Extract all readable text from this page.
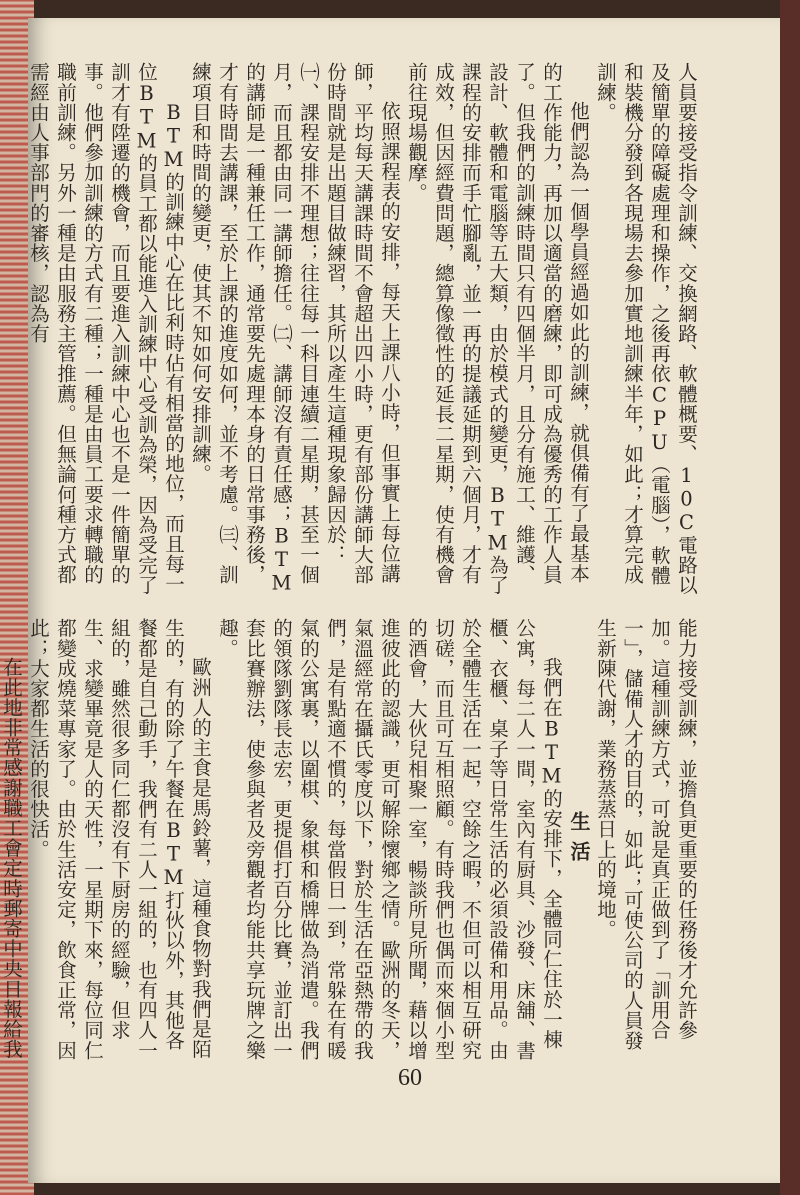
人員要接受指令訓練、交換網路、軟體概要、10C電路以及簡單的障礙處理和操作，之後再依CPU（電腦），軟體和裝機分發到各現場去參加實地訓練半年，如此；才算完成訓練。

他們認為一個學員經過如此的訓練，就俱備有了最基本的工作能力，再加以適當的磨練，即可成為優秀的工作人員了。但我們的訓練時間只有四個半月，且分有施工、維護、設計、軟體和電腦等五大類，由於模式的變更，BTM為了課程的安排而手忙腳亂，並一再的提議延期到六個月，才有成效，但因經費問題，總算像徵性的延長二星期，使有機會前往現場觀摩。

依照課程表的安排，每天上課八小時，但事實上每位講師，平均每天講課時間不會超出四小時，更有部份講師大部份時間就是出題目做練習，其所以產生這種現象歸因於：㈠、課程安排不理想；往往每一科目連續二星期，甚至一個月，而且都由同一講師擔任。㈡、講師沒有責任感；BTM的講師是一種兼任工作，通常要先處理本身的日常事務後，才有時間去講課，至於上課的進度如何，並不考慮。㈢、訓練項目和時間的變更，使其不知如何安排訓練。

BTM的訓練中心在比利時佔有相當的地位，而且每一位BTM的員工都以能進入訓練中心受訓為榮，因為受完了訓才有陞遷的機會，而且要進入訓練中心也不是一件簡單的事。他們參加訓練的方式有二種；一種是由員工要求轉職的職前訓練。另外一種是由服務主管推薦。但無論何種方式都需經由人事部門的審核，認為有

能力接受訓練，並擔負更重要的任務後才允許參加。這種訓練方式，可說是真正做到了「訓用合一」，儲備人才的目的，如此；可使公司的人員發生新陳代謝，業務蒸蒸日上的境地。

生活

我們在BTM的安排下，全體同仁住於一棟公寓，每二人一間，室內有厨具、沙發、床舖、書櫃、衣櫃、桌子等日常生活的必須設備和用品。由於全體生活在一起，空餘之暇，不但可以相互研究切磋，而且可互相照顧。有時我們也偶而來個小型的酒會，大伙兒相聚一室，暢談所見所聞，藉以增進彼此的認識，更可解除懷鄉之情。歐洲的冬天，氣溫經常在攝氏零度以下，對於生活在亞熱帶的我們，是有點適不慣的，每當假日一到，常躲在有暖氣的公寓裏，以圍棋、象棋和橋牌做為消遣。我們的領隊劉隊長志宏，更提倡打百分比賽，並訂出一套比賽辦法，使參與者及旁觀者均能共享玩牌之樂趣。

歐洲人的主食是馬鈴薯，這種食物對我們是陌生的，有的除了午餐在BTM打伙以外，其他各餐都是自己動手，我們有二人一組的，也有四人一組的，雖然很多同仁都沒有下厨房的經驗，但求生、求變畢竟是人的天性，一星期下來，每位同仁都變成燒菜專家了。由於生活安定，飲食正常，因此；大家都生活的很快活。

在此地非常感謝職工會定時郵寄中央日報給我　

60
